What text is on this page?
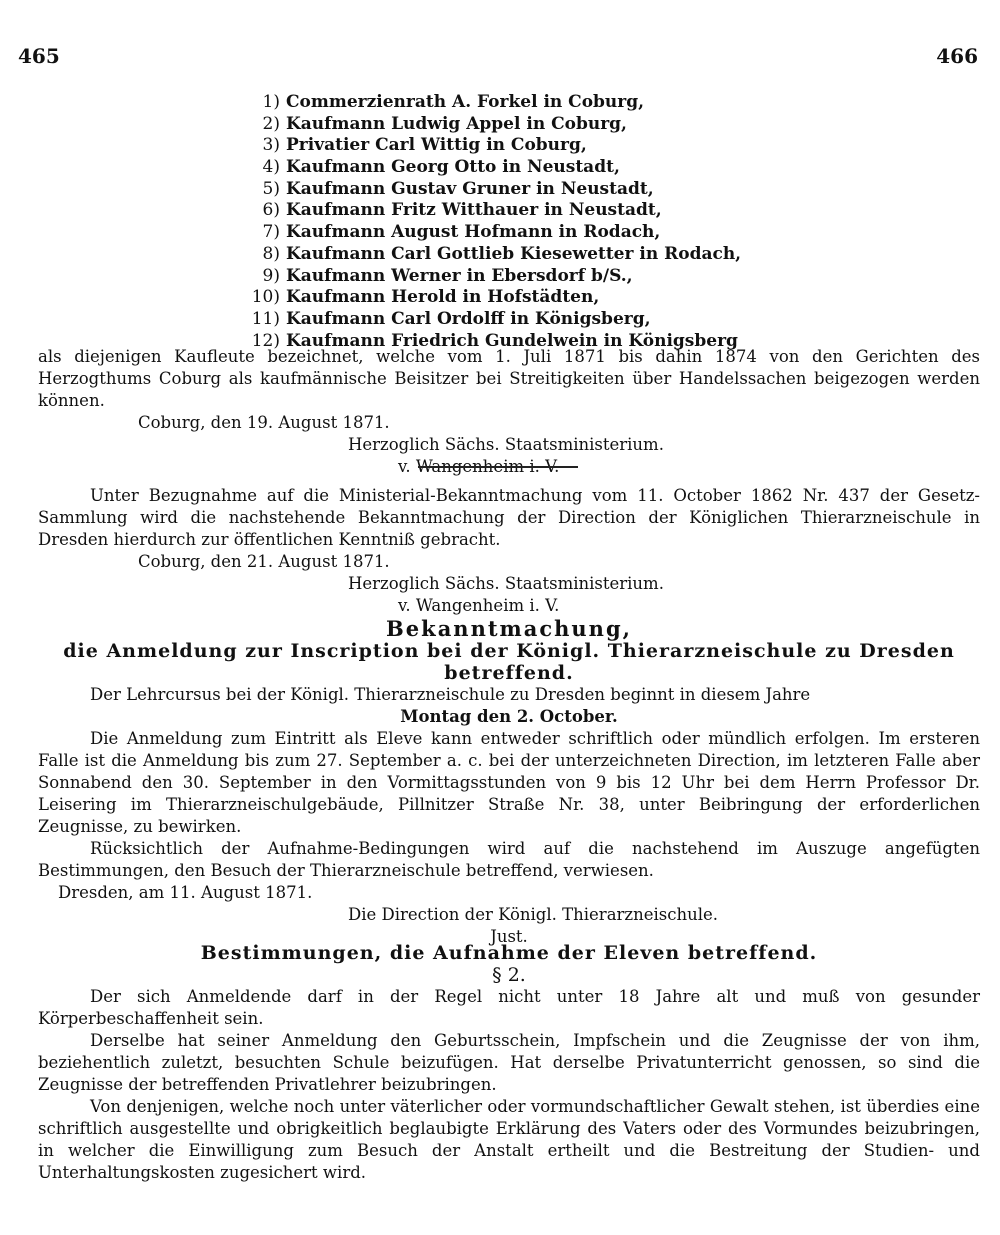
465	466
1) Commerzienrath A. Forkel in Coburg,
2) Kaufmann Ludwig Appel in Coburg,
3) Privatier Carl Wittig in Coburg,
4) Kaufmann Georg Otto in Neustadt,
5) Kaufmann Gustav Gruner in Neustadt,
6) Kaufmann Fritz Witthauer in Neustadt,
7) Kaufmann August Hofmann in Rodach,
8) Kaufmann Carl Gottlieb Kiesewetter in Rodach,
9) Kaufmann Werner in Ebersdorf b/S.,
10) Kaufmann Herold in Hofstädten,
11) Kaufmann Carl Ordolff in Königsberg,
12) Kaufmann Friedrich Gundelwein in Königsberg

als diejenigen Kaufleute bezeichnet, welche vom 1. Juli 1871 bis dahin 1874 von den Gerichten des Herzogthums Coburg als kaufmännische Beisitzer bei Streitigkeiten über Handelssachen beigezogen werden können.

Coburg, den 19. August 1871.

Herzoglich Sächs. Staatsministerium.

v. Wangenheim i. V.

Unter Bezugnahme auf die Ministerial-Bekanntmachung vom 11. October 1862 Nr. 437 der Gesetz-Sammlung wird die nachstehende Bekanntmachung der Direction der Königlichen Thierarzneischule in Dresden hierdurch zur öffentlichen Kenntniß gebracht.

Coburg, den 21. August 1871.

Herzoglich Sächs. Staatsministerium.

v. Wangenheim i. V.

Bekanntmachung,

die Anmeldung zur Inscription bei der Königl. Thierarzneischule zu Dresden betreffend.

Der Lehrcursus bei der Königl. Thierarzneischule zu Dresden beginnt in diesem Jahre

Montag den 2. October.

Die Anmeldung zum Eintritt als Eleve kann entweder schriftlich oder mündlich erfolgen. Im ersteren Falle ist die Anmeldung bis zum 27. September a. c. bei der unterzeichneten Direction, im letzteren Falle aber Sonnabend den 30. September in den Vormittagsstunden von 9 bis 12 Uhr bei dem Herrn Professor Dr. Leisering im Thierarzneischulgebäude, Pillnitzer Straße Nr. 38, unter Beibringung der erforderlichen Zeugnisse, zu bewirken.

Rücksichtlich der Aufnahme-Bedingungen wird auf die nachstehend im Auszuge angefügten Bestimmungen, den Besuch der Thierarzneischule betreffend, verwiesen.

Dresden, am 11. August 1871.

Die Direction der Königl. Thierarzneischule.

Just.

Bestimmungen, die Aufnahme der Eleven betreffend.

§ 2.

Der sich Anmeldende darf in der Regel nicht unter 18 Jahre alt und muß von gesunder Körperbeschaffenheit sein.

Derselbe hat seiner Anmeldung den Geburtsschein, Impfschein und die Zeugnisse der von ihm, beziehentlich zuletzt, besuchten Schule beizufügen. Hat derselbe Privatunterricht genossen, so sind die Zeugnisse der betreffenden Privatlehrer beizubringen.

Von denjenigen, welche noch unter väterlicher oder vormundschaftlicher Gewalt stehen, ist überdies eine schriftlich ausgestellte und obrigkeitlich beglaubigte Erklärung des Vaters oder des Vormundes beizubringen, in welcher die Einwilligung zum Besuch der Anstalt ertheilt und die Bestreitung der Studien- und Unterhaltungskosten zugesichert wird.
